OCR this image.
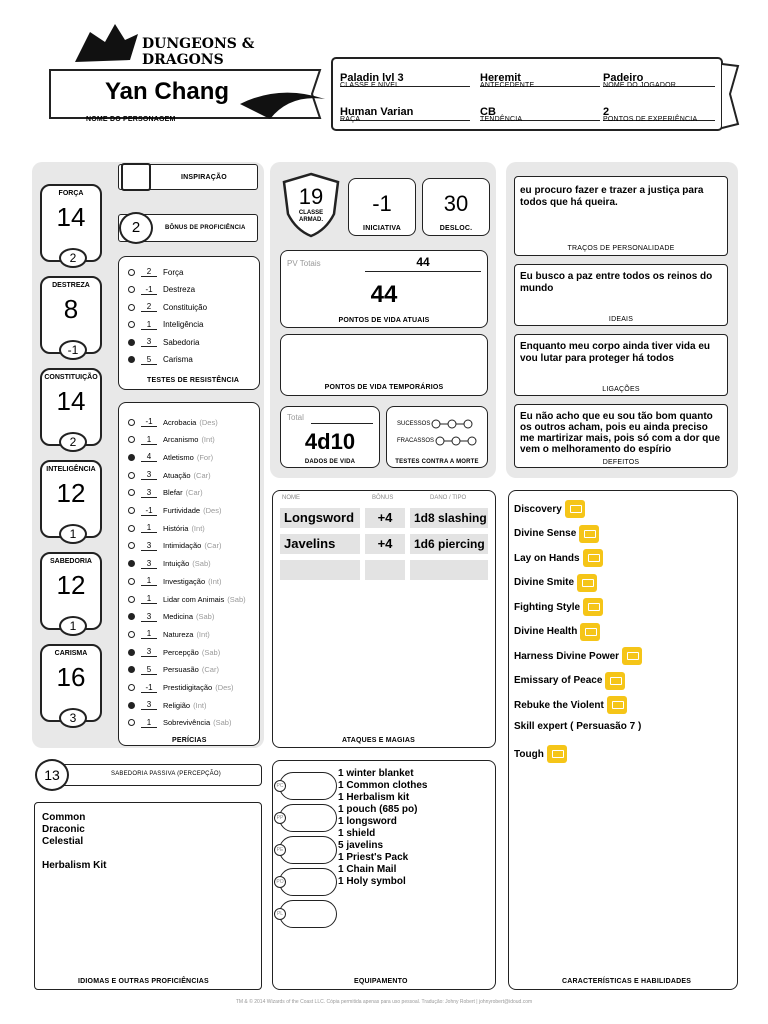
DUNGEONS & DRAGONS
Yan Chang
NOME DO PERSONAGEM
Paladin lvl 3
CLASSE E NÍVEL
Heremit
ANTECEDENTE
Padeiro
NOME DO JOGADOR
Human Varian
RAÇA
CB
TENDÊNCIA
2
PONTOS DE EXPERIÊNCIA
FORÇA
14
2
DESTREZA
8
-1
CONSTITUIÇÃO
14
2
INTELIGÊNCIA
12
1
SABEDORIA
12
1
CARISMA
16
3
INSPIRAÇÃO
2	BÔNUS DE PROFICIÊNCIA
2	Força
-1	Destreza
2	Constituição
1	Inteligência
3	Sabedoria
5	Carisma
TESTES DE RESISTÊNCIA
-1	Acrobacia (Des)
1	Arcanismo (Int)
4	Atletismo (For)
3	Atuação (Car)
3	Blefar (Car)
-1	Furtividade (Des)
1	História (Int)
3	Intimidação (Car)
3	Intuição (Sab)
1	Investigação (Int)
1	Lidar com Animais (Sab)
3	Medicina (Sab)
1	Natureza (Int)
3	Percepção (Sab)
5	Persuasão (Car)
-1	Prestidigitação (Des)
3	Religião (Int)
1	Sobrevivência (Sab)
PERÍCIAS
13	SABEDORIA PASSIVA (PERCEPÇÃO)
Common
Draconic
Celestial
Herbalism Kit
IDIOMAS E OUTRAS PROFICIÊNCIAS
19
CLASSE ARMAD.
-1
INICIATIVA
30
DESLOC.
PV Totais	44
44
PONTOS DE VIDA ATUAIS
PONTOS DE VIDA TEMPORÁRIOS
Total
4d10
DADOS DE VIDA
SUCESSOS
FRACASSOS
TESTES CONTRA A MORTE
NOME	BÔNUS	DANO / TIPO
Longsword	+4	1d8 slashing
Javelins	+4	1d6 piercing
ATAQUES E MAGIAS
PC
PP
PE
PO
PL
1 winter blanket
1 Common clothes
1 Herbalism kit
1 pouch (685 po)
1 longsword
1 shield
5 javelins
1 Priest's Pack
1 Chain Mail
1 Holy symbol
EQUIPAMENTO
eu procuro fazer e trazer a justiça para todos que há queira.
TRAÇOS DE PERSONALIDADE
Eu busco a paz entre todos os reinos do mundo
IDEAIS
Enquanto meu corpo ainda tiver vida eu vou lutar para proteger há todos
LIGAÇÕES
Eu não acho que eu sou tão bom quanto os outros acham, pois eu ainda preciso me martirizar mais, pois só com a dor que vem o melhoramento do espírio
DEFEITOS
Discovery
Divine Sense
Lay on Hands
Divine Smite
Fighting Style
Divine Health
Harness Divine Power
Emissary of Peace
Rebuke the Violent
Skill expert ( Persuasão 7 )
Tough
CARACTERÍSTICAS E HABILIDADES
TM & © 2014 Wizards of the Coast LLC. Cópia permitida apenas para uso pessoal. Tradução: Johny Robert | johnyrobert@idoud.com
